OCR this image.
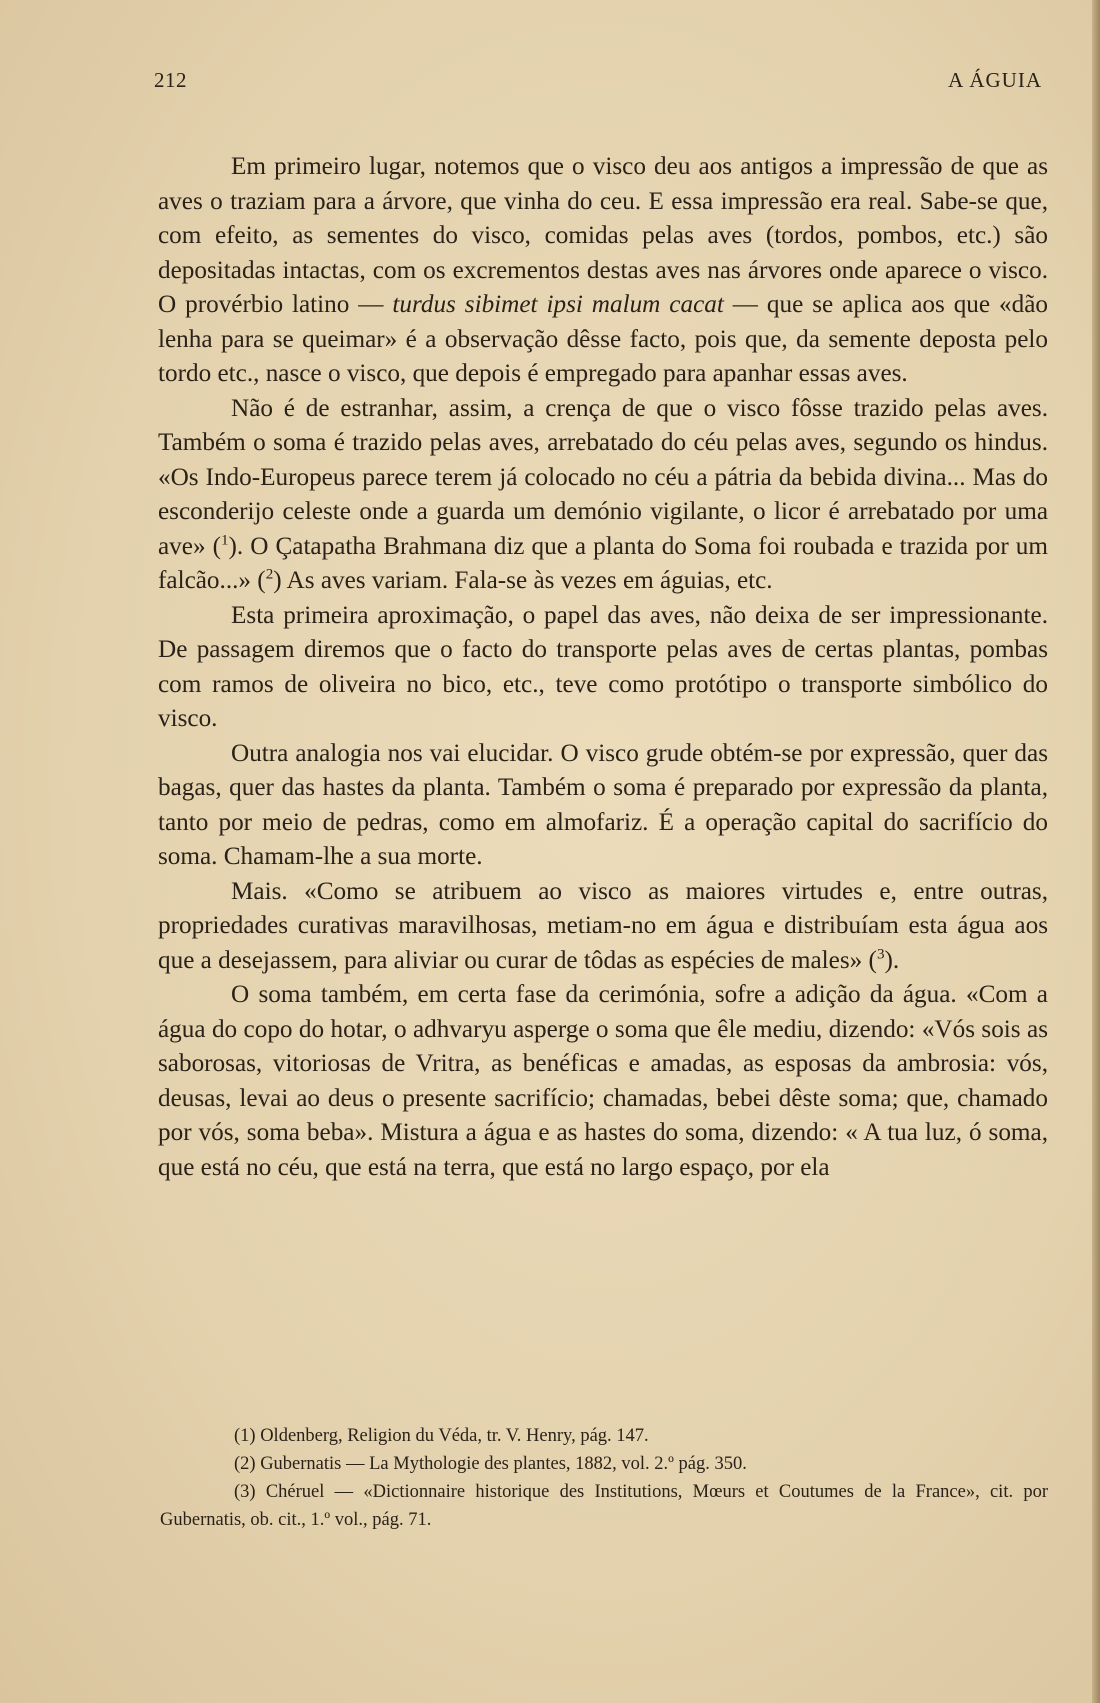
212	A ÁGUIA

Em primeiro lugar, notemos que o visco deu aos antigos a impressão de que as aves o traziam para a árvore, que vinha do ceu. E essa impressão era real. Sabe-se que, com efeito, as sementes do visco, comidas pelas aves (tordos, pombos, etc.) são depositadas intactas, com os excrementos destas aves nas árvores onde aparece o visco. O provérbio latino — turdus sibimet ipsi malum cacat — que se aplica aos que «dão lenha para se queimar» é a observação dêsse facto, pois que, da semente deposta pelo tordo etc., nasce o visco, que depois é empregado para apanhar essas aves.

Não é de estranhar, assim, a crença de que o visco fôsse trazido pelas aves. Também o soma é trazido pelas aves, arrebatado do céu pelas aves, segundo os hindus. «Os Indo-Europeus parece terem já colocado no céu a pátria da bebida divina... Mas do esconderijo celeste onde a guarda um demónio vigilante, o licor é arrebatado por uma ave» ($^1$). O Çatapatha Brahmana diz que a planta do Soma foi roubada e trazida por um falcão...» ($^2$) As aves variam. Fala-se às vezes em águias, etc.

Esta primeira aproximação, o papel das aves, não deixa de ser impressionante. De passagem diremos que o facto do transporte pelas aves de certas plantas, pombas com ramos de oliveira no bico, etc., teve como protótipo o transporte simbólico do visco.

Outra analogia nos vai elucidar. O visco grude obtém-se por expressão, quer das bagas, quer das hastes da planta. Também o soma é preparado por expressão da planta, tanto por meio de pedras, como em almofariz. É a operação capital do sacrifício do soma. Chamam-lhe a sua morte.

Mais. «Como se atribuem ao visco as maiores virtudes e, entre outras, propriedades curativas maravilhosas, metiam-no em água e distribuíam esta água aos que a desejassem, para aliviar ou curar de tôdas as espécies de males» ($^3$).

O soma também, em certa fase da cerimónia, sofre a adição da água. «Com a água do copo do hotar, o adhvaryu asperge o soma que êle mediu, dizendo: «Vós sois as saborosas, vitoriosas de Vritra, as benéficas e amadas, as esposas da ambrosia: vós, deusas, levai ao deus o presente sacrifício; chamadas, bebei dêste soma; que, chamado por vós, soma beba». Mistura a água e as hastes do soma, dizendo: « A tua luz, ó soma, que está no céu, que está na terra, que está no largo espaço, por ela

(1) Oldenberg, Religion du Véda, tr. V. Henry, pág. 147.

(2) Gubernatis — La Mythologie des plantes, 1882, vol. 2.º pág. 350.

(3) Chéruel — «Dictionnaire historique des Institutions, Mœurs et Coutumes de la France», cit. por Gubernatis, ob. cit., 1.º vol., pág. 71.
